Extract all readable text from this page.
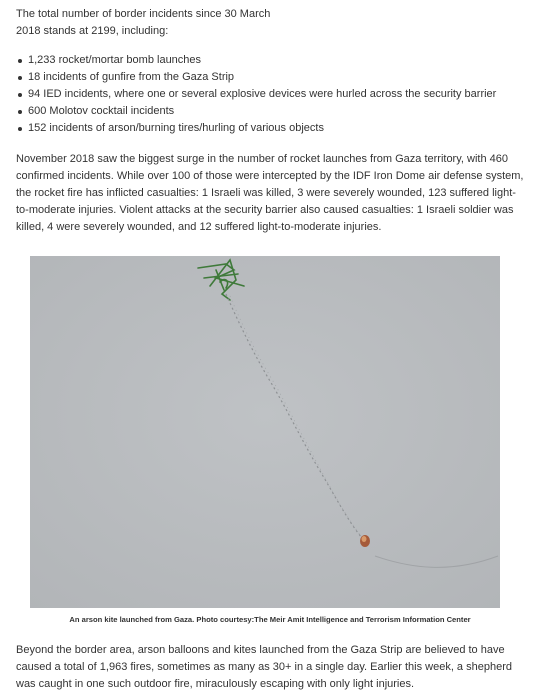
The total number of border incidents since 30 March 2018 stands at 2199, including:

1,233 rocket/mortar bomb launches
18 incidents of gunfire from the Gaza Strip
94 IED incidents, where one or several explosive devices were hurled across the security barrier
600 Molotov cocktail incidents
152 incidents of arson/burning tires/hurling of various objects

November 2018 saw the biggest surge in the number of rocket launches from Gaza territory, with 460 confirmed incidents. While over 100 of those were intercepted by the IDF Iron Dome air defense system, the rocket fire has inflicted casualties: 1 Israeli was killed, 3 were severely wounded, 123 suffered light-to-moderate injuries. Violent attacks at the security barrier also caused casualties: 1 Israeli soldier was killed, 4 were severely wounded, and 12 suffered light-to-moderate injuries.

An arson kite launched from Gaza. Photo courtesy:The Meir Amit Intelligence and Terrorism Information Center

Beyond the border area, arson balloons and kites launched from the Gaza Strip are believed to have caused a total of 1,963 fires, sometimes as many as 30+ in a single day. Earlier this week, a shepherd was caught in one such outdoor fire, miraculously escaping with only light injuries.
